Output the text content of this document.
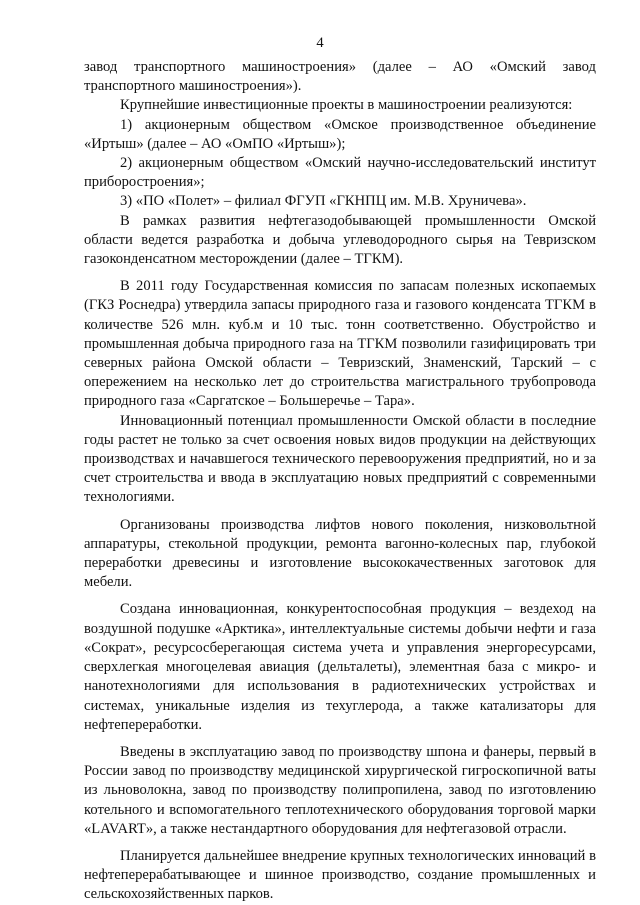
4

завод транспортного машиностроения» (далее – АО «Омский завод транспортного машиностроения»).

Крупнейшие инвестиционные проекты в машиностроении реализуются:

1) акционерным обществом «Омское производственное объединение «Иртыш» (далее – АО «ОмПО «Иртыш»);

2) акционерным обществом «Омский научно-исследовательский институт приборостроения»;

3) «ПО «Полет» – филиал ФГУП «ГКНПЦ им. М.В. Хруничева».

В рамках развития нефтегазодобывающей промышленности Омской области ведется разработка и добыча углеводородного сырья на Тевризском газоконденсатном месторождении (далее – ТГКМ).

В 2011 году Государственная комиссия по запасам полезных ископаемых (ГКЗ Роснедра) утвердила запасы природного газа и газового конденсата ТГКМ в количестве 526 млн. куб.м и 10 тыс. тонн соответственно. Обустройство и промышленная добыча природного газа на ТГКМ позволили газифицировать три северных района Омской области – Тевризский, Знаменский, Тарский – с опережением на несколько лет до строительства магистрального трубопровода природного газа «Саргатское – Большеречье – Тара».

Инновационный потенциал промышленности Омской области в последние годы растет не только за счет освоения новых видов продукции на действующих производствах и начавшегося технического перевооружения предприятий, но и за счет строительства и ввода в эксплуатацию новых предприятий с современными технологиями.

Организованы производства лифтов нового поколения, низковольтной аппаратуры, стекольной продукции, ремонта вагонно-колесных пар, глубокой переработки древесины и изготовление высококачественных заготовок для мебели.

Создана инновационная, конкурентоспособная продукция – вездеход на воздушной подушке «Арктика», интеллектуальные системы добычи нефти и газа «Сократ», ресурсосберегающая система учета и управления энергоресурсами, сверхлегкая многоцелевая авиация (дельталеты), элементная база с микро- и нанотехнологиями для использования в радиотехнических устройствах и системах, уникальные изделия из техуглерода, а также катализаторы для нефтепереработки.

Введены в эксплуатацию завод по производству шпона и фанеры, первый в России завод по производству медицинской хирургической гигроскопичной ваты из льноволокна, завод по производству полипропилена, завод по изготовлению котельного и вспомогательного теплотехнического оборудования торговой марки «LAVART», а также нестандартного оборудования для нефтегазовой отрасли.

Планируется дальнейшее внедрение крупных технологических инноваций в нефтеперерабатывающее и шинное производство, создание промышленных и сельскохозяйственных парков.
